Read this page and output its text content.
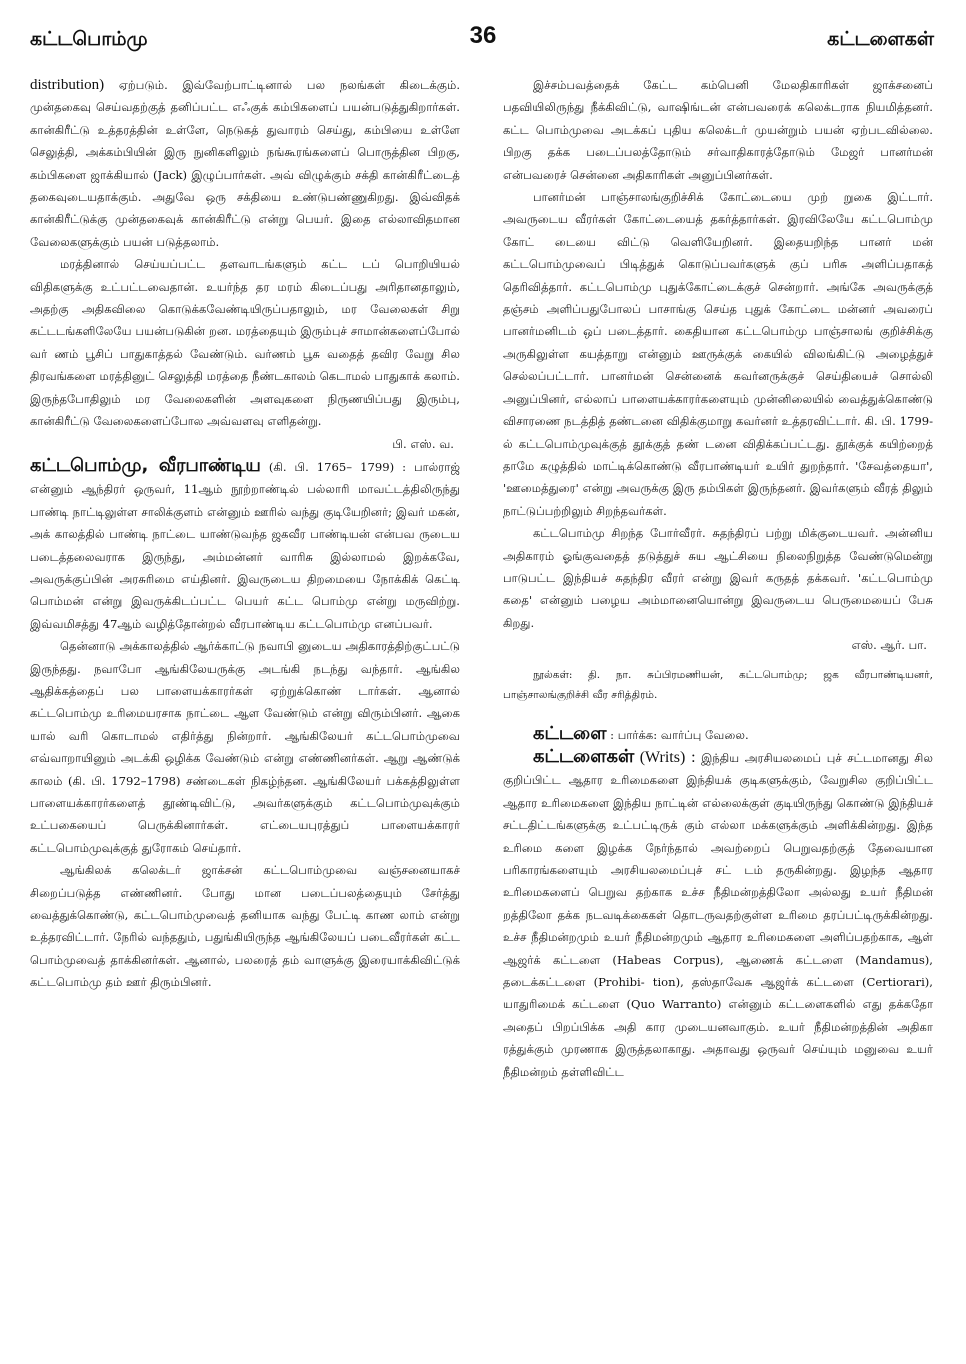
கட்டபொம்மு	36	கட்டளைகள்

distribution) ஏற்படும். இவ்வேற்பாட்டினால் பல நலங்கள் கிடைக்கும். முன்தகைவு செய்வதற்குத் தனிப்பட்ட எஃகுக் கம்பிகளைப் பயன்படுத்துகிறார்கள். கான்கிரீட்டு உத்தரத்தின் உள்ளே, நெடுகத் துவாரம் செய்து, கம்பியை உள்ளே செலுத்தி, அக்கம்பியின் இரு நுனிகளிலும் நங்கூரங்களைப் பொருத்தின பிறகு, கம்பிகளை ஜாக்கியால் (Jack) இழுப்பார்கள். அவ் விழுக்கும் சக்தி கான்கிரீட்டைத் தகைவுடையதாக்கும். அதுவே ஒரு சக்தியை உண்டுபண்ணுகிறது. இவ்விதக் கான்கிரீட்டுக்கு முன்தகைவுக் கான்கிரீட்டு என்று பெயர். இதை எல்லாவிதமான வேலைகளுக்கும் பயன் படுத்தலாம்.

மரத்தினால் செய்யப்பட்ட தளவாடங்களும் கட்ட டப் பொறியியல் விதிகளுக்கு உட்பட்டவைதான். உயர்ந்த தர மரம் கிடைப்பது அரிதானதாலும், அதற்கு அதிகவிலை கொடுக்கவேண்டியிருப்பதாலும், மர வேலைகள் சிறு கட்டடங்களிலேயே பயன்படுகின் றன. மரத்தையும் இரும்புச் சாமான்களைப்போல் வர் ணம் பூசிப் பாதுகாத்தல் வேண்டும். வர்ணம் பூசு வதைத் தவிர வேறு சில திரவங்களை மரத்தினுட் செலுத்தி மரத்தை நீண்டகாலம் கெடாமல் பாதுகாக் கலாம். இருந்தபோதிலும் மர வேலைகளின் அளவுகளை நிருணயிப்பது இரும்பு, கான்கிரீட்டு வேலைகளைப்போல அவ்வளவு எளிதன்று.

பி. எஸ். வ.

கட்டபொம்மு, வீரபாண்டிய (கி. பி. 1765– 1799) : பால்ராஜ் என்னும் ஆந்திரர் ஒருவர், 11ஆம் நூற்றாண்டில் பல்லாரி மாவட்டத்திலிருந்து பாண்டி நாட்டிலுள்ள சாலிக்குளம் என்னும் ஊரில் வந்து குடியேறினர்; இவர் மகன், அக் காலத்தில் பாண்டி நாட்டை யாண்டுவந்த ஜகவீர பாண்டியன் என்பவ ருடைய படைத்தலைவராக இருந்து, அம்மன்னர் வாரிசு இல்லாமல் இறக்கவே, அவருக்குப்பின் அரசுரிமை எய்தினர். இவருடைய திறமையை நோக்கிக் கெட்டி பொம்மன் என்று இவருக்கிடப்பட்ட பெயர் கட்ட பொம்மு என்று மருவிற்று. இவ்வமிசத்து 47ஆம் வழித்தோன்றல் வீரபாண்டிய கட்டபொம்மு எனப்பவர்.

தென்னாடு அக்காலத்தில் ஆர்க்காட்டு நவாபி னுடைய அதிகாரத்திற்குட்பட்டு இருந்தது. நவாபோ ஆங்கிலேயருக்கு அடங்கி நடந்து வந்தார். ஆங்கில ஆதிக்கத்தைப் பல பாளையக்காரர்கள் ஏற்றுக்கொண் டார்கள். ஆனால் கட்டபொம்மு உரிமையரசாக நாட்டை ஆள வேண்டும் என்று விரும்பினர். ஆகை யால் வரி கொடாமல் எதிர்த்து நின்றார். ஆங்கிலேயர் கட்டபொம்முவை எவ்வாறாயினும் அடக்கி ஒழிக்க வேண்டும் என்று எண்ணினர்கள். ஆறு ஆண்டுக் காலம் (கி. பி. 1792–1798) சண்டைகள் நிகழ்ந்தன. ஆங்கிலேயர் பக்கத்திலுள்ள பாளையக்காரர்களைத் தூண்டிவிட்டு, அவர்களுக்கும் கட்டபொம்முவுக்கும் உட்பகையைப் பெருக்கினார்கள். எட்டையபுரத்துப் பாளையக்காரர் கட்டபொம்முவுக்குத் துரோகம் செய்தார்.

ஆங்கிலக் கலெக்டர் ஜாக்சன் கட்டபொம்முவை வஞ்சனையாகச் சிறைப்படுத்த எண்ணினர். போது மான படைப்பலத்தையும் சேர்த்து வைத்துக்கொண்டு, கட்டபொம்முவைத் தனியாக வந்து பேட்டி காண லாம் என்று உத்தரவிட்டார். நேரில் வந்ததும், பதுங்கியிருந்த ஆங்கிலேயப் படைவீரர்கள் கட்ட பொம்முவைத் தாக்கினர்கள். ஆனால், பலரைத் தம் வாளுக்கு இரையாக்கிவிட்டுக் கட்டபொம்மு தம் ஊர் திரும்பினர்.

இச்சம்பவத்தைக் கேட்ட கம்பெனி மேலதிகாரிகள் ஜாக்சனைப் பதவியிலிருந்து நீக்கிவிட்டு, வாஷிங்டன் என்பவரைக் கலெக்டராக நியமித்தனர். கட்ட பொம்முவை அடக்கப் புதிய கலெக்டர் முயன்றும் பயன் ஏற்படவில்லை. பிறகு தக்க படைப்பலத்தோடும் சர்வாதிகாரத்தோடும் மேஜர் பானர்மன் என்பவரைச் சென்னை அதிகாரிகள் அனுப்பினர்கள்.

பானர்மன் பாஞ்சாலங்குறிச்சிக் கோட்டையை முற் றுகை இட்டார். அவருடைய வீரர்கள் கோட்டையைத் தகர்த்தார்கள். இரவிலேயே கட்டபொம்மு கோட் டையை விட்டு வெளியேறினர். இதையறிந்த பானர் மன் கட்டபொம்முவைப் பிடித்துக் கொடுப்பவர்களுக் குப் பரிசு அளிப்பதாகத் தெரிவித்தார். கட்டபொம்மு புதுக்கோட்டைக்குச் சென்றார். அங்கே அவருக்குத் தஞ்சம் அளிப்பதுபோலப் பாசாங்கு செய்த புதுக் கோட்டை மன்னர் அவரைப் பானர்மனிடம் ஒப் படைத்தார். கைதியான கட்டபொம்மு பாஞ்சாலங் குறிச்சிக்கு அருகிலுள்ள கயத்தாறு என்னும் ஊருக்குக் கையில் விலங்கிட்டு அழைத்துச் செல்லப்பட்டார். பானர்மன் சென்னைக் கவர்னருக்குச் செய்தியைச் சொல்லி அனுப்பினர், எல்லாப் பாளையக்காரர்களையும் முன்னிலையில் வைத்துக்கொண்டு விசாரணை நடத்தித் தண்டனை விதிக்குமாறு கவர்னர் உத்தரவிட்டார். கி. பி. 1799-ல் கட்டபொம்முவுக்குத் தூக்குத் தண் டனை விதிக்கப்பட்டது. தூக்குக் கயிற்றைத் தாமே கழுத்தில் மாட்டிக்கொண்டு வீரபாண்டியர் உயிர் துறந்தார். 'சேவத்தையா', 'ஊமைத்துரை' என்று அவருக்கு இரு தம்பிகள் இருந்தனர். இவர்களும் வீரத் திலும் நாட்டுப்பற்றிலும் சிறந்தவர்கள்.

கட்டபொம்மு சிறந்த போர்வீரர். சுதந்திரப் பற்று மிக்குடையவர். அன்னிய அதிகாரம் ஓங்குவதைத் தடுத்துச் சுய ஆட்சியை நிலைநிறுத்த வேண்டுமென்று பாடுபட்ட இந்தியச் சுதந்திர வீரர் என்று இவர் கருதத் தக்கவர். 'கட்டபொம்மு கதை' என்னும் பழைய அம்மானையொன்று இவருடைய பெருமையைப் பேசு கிறது.

எஸ். ஆர். பா.

நூல்கள்: தி. நா. சுப்பிரமணியன், கட்டபொம்மு; ஜக வீரபாண்டியனர், பாஞ்சாலங்குறிச்சி வீர சரித்திரம்.

கட்டளை : பார்க்க: வார்ப்பு வேலை.

கட்டளைகள் (Writs) : இந்திய அரசியலமைப் புச் சட்டமானது சில குறிப்பிட்ட ஆதார உரிமைகளை இந்தியக் குடிகளுக்கும், வேறுசில குறிப்பிட்ட ஆதார உரிமைகளை இந்திய நாட்டின் எல்லைக்குள் குடியிருந்து கொண்டு இந்தியச் சட்டதிட்டங்களுக்கு உட்பட்டிருக் கும் எல்லா மக்களுக்கும் அளிக்கின்றது. இந்த உரிமை களை இழக்க நேர்ந்தால் அவற்றைப் பெறுவதற்குத் தேவையான பரிகாரங்களையும் அரசியலமைப்புச் சட் டம் தருகின்றது. இழந்த ஆதார உரிமைகளைப் பெறுவ தற்காக உச்ச நீதிமன்றத்திலோ அல்லது உயர் நீதிமன் றத்திலோ தக்க நடவடிக்கைகள் தொடருவதற்குள்ள உரிமை தரப்பட்டிருக்கின்றது. உச்ச நீதிமன்றமும் உயர் நீதிமன்றமும் ஆதார உரிமைகளை அளிப்பதற்காக, ஆள் ஆஜர்க் கட்டளை (Habeas Corpus), ஆணைக் கட்டளை (Mandamus), தடைக்கட்டளை (Prohibi- tion), தஸ்தாவேசு ஆஜர்க் கட்டளை (Certiorari), யாதுரிமைக் கட்டளை (Quo Warranto) என்னும் கட்டளைகளில் எது தக்கதோ அதைப் பிறப்பிக்க அதி கார முடையனவாகும். உயர் நீதிமன்றத்தின் அதிகா ரத்துக்கும் முரணாக இருத்தலாகாது. அதாவது ஒருவர் செய்யும் மனுவை உயர் நீதிமன்றம் தள்ளிவிட்ட
